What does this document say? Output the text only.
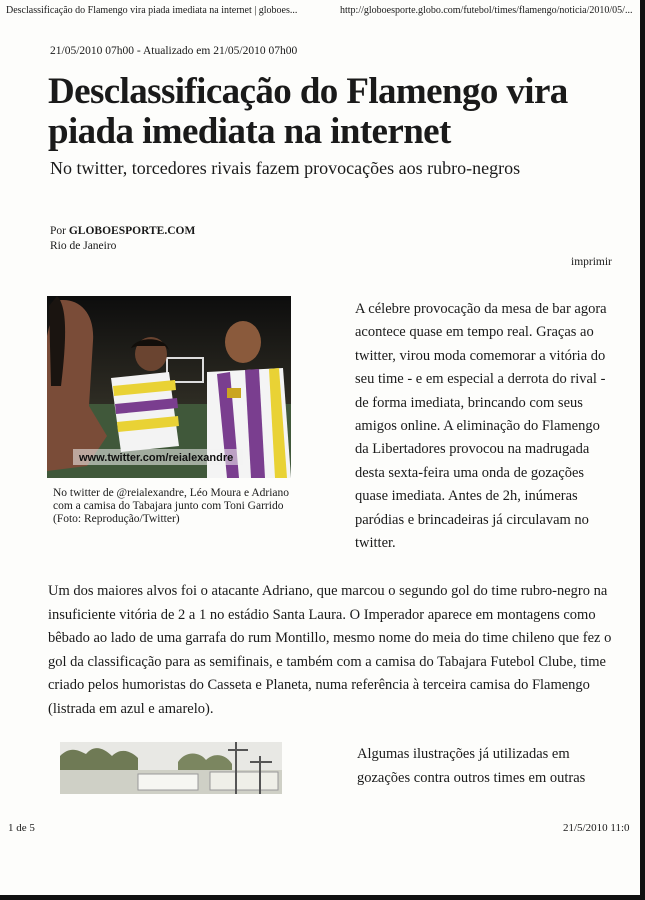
Desclassificação do Flamengo vira piada imediata na internet | globoes...	http://globoesporte.globo.com/futebol/times/flamengo/noticia/2010/05/...
21/05/2010 07h00 - Atualizado em 21/05/2010 07h00
Desclassificação do Flamengo vira piada imediata na internet
No twitter, torcedores rivais fazem provocações aos rubro-negros
Por GLOBOESPORTE.COM
Rio de Janeiro
imprimir
www.twitter.com/reialexandre
No twitter de @reialexandre, Léo Moura e Adriano com a camisa do Tabajara junto com Toni Garrido (Foto: Reprodução/Twitter)

A célebre provocação da mesa de bar agora acontece quase em tempo real. Graças ao twitter, virou moda comemorar a vitória do seu time - e em especial a derrota do rival - de forma imediata, brincando com seus amigos online. A eliminação do Flamengo da Libertadores provocou na madrugada desta sexta-feira uma onda de gozações quase imediata. Antes de 2h, inúmeras paródias e brincadeiras já circulavam no twitter.

Um dos maiores alvos foi o atacante Adriano, que marcou o segundo gol do time rubro-negro na insuficiente vitória de 2 a 1 no estádio Santa Laura. O Imperador aparece em montagens como bêbado ao lado de uma garrafa do rum Montillo, mesmo nome do meia do time chileno que fez o gol da classificação para as semifinais, e também com a camisa do Tabajara Futebol Clube, time criado pelos humoristas do Casseta e Planeta, numa referência à terceira camisa do Flamengo (listrada em azul e amarelo).

Algumas ilustrações já utilizadas em gozações contra outros times em outras

1 de 5	21/5/2010 11:0
